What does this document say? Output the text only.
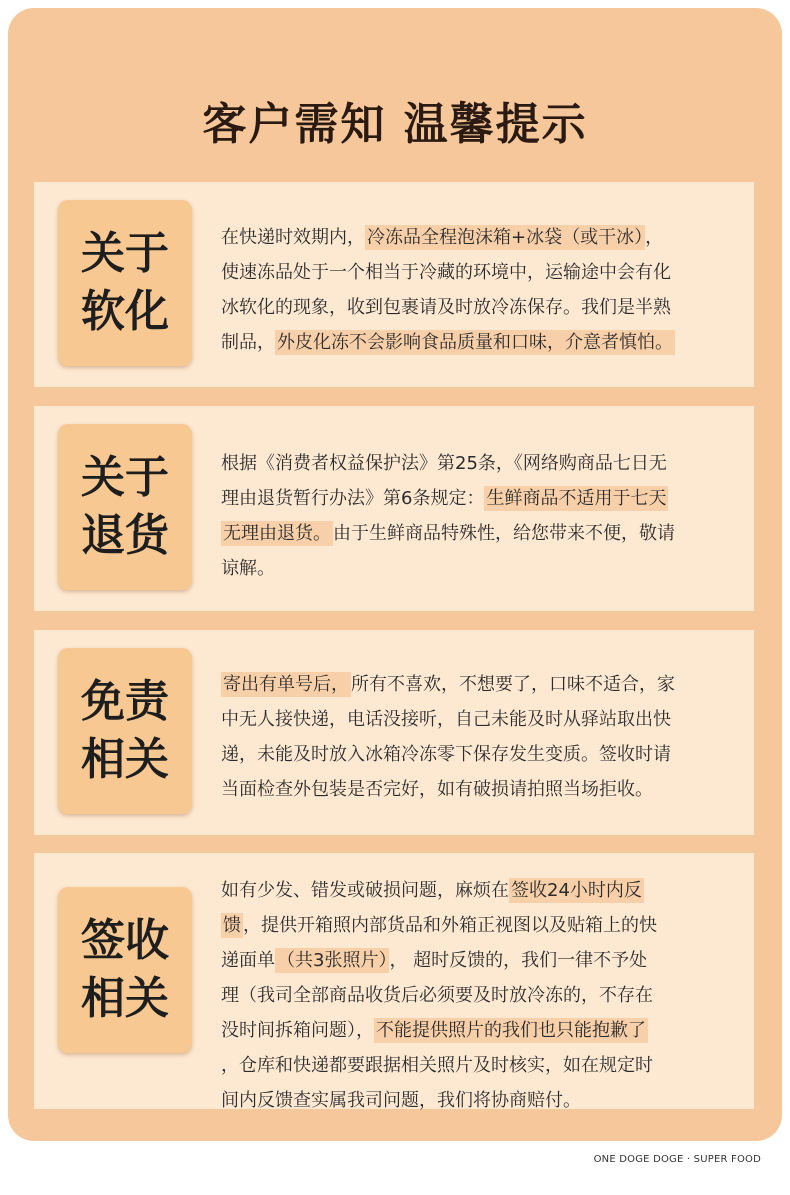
客户需知 温馨提示
关于
软化
在快递时效期内， 冷冻品全程泡沫箱+冰袋（或干冰） ，
使速冻品处于一个相当于冷藏的环境中，运输途中会有化
冰软化的现象，收到包裹请及时放冷冻保存。我们是半熟
制品， 外皮化冻不会影响食品质量和口味，介意者慎怕。
关于
退货
根据《消费者权益保护法》第25条，《网络购商品七日无
理由退货暂行办法》第6条规定： 生鲜商品不适用于七天
无理由退货。 由于生鲜商品特殊性，给您带来不便，敬请
谅解。
免责
相关
寄出有单号后， 所有不喜欢，不想要了，口味不适合，家
中无人接快递，电话没接听，自己未能及时从驿站取出快
递，未能及时放入冰箱冷冻零下保存发生变质。签收时请
当面检查外包装是否完好，如有破损请拍照当场拒收。
签收
相关
如有少发、错发或破损问题，麻烦在 签收24小时内反
馈 ，提供开箱照内部货品和外箱正视图以及贴箱上的快
递面单 （共3张照片） ， 超时反馈的，我们一律不予处
理（我司全部商品收货后必须要及时放冷冻的，不存在
没时间拆箱问题）， 不能提供照片的我们也只能抱歉了
，仓库和快递都要跟据相关照片及时核实，如在规定时
间内反馈查实属我司问题，我们将协商赔付。
ONE DOGE DOGE · SUPER FOOD
